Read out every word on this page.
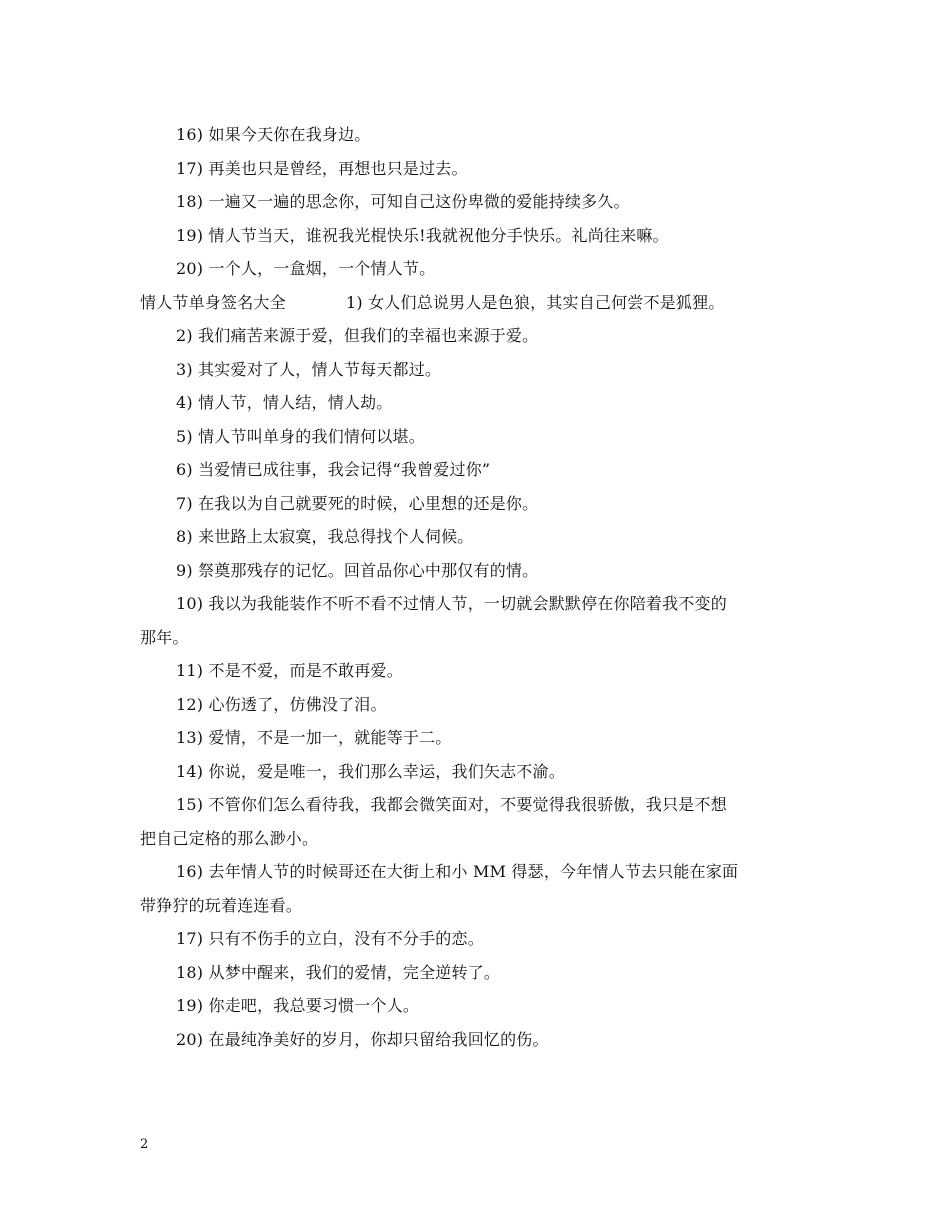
16) 如果今天你在我身边。
17) 再美也只是曾经，再想也只是过去。
18) 一遍又一遍的思念你，可知自己这份卑微的爱能持续多久。
19) 情人节当天，谁祝我光棍快乐!我就祝他分手快乐。礼尚往来嘛。
20) 一个人，一盒烟，一个情人节。
情人节单身签名大全	1) 女人们总说男人是色狼，其实自己何尝不是狐狸。
2) 我们痛苦来源于爱，但我们的幸福也来源于爱。
3) 其实爱对了人，情人节每天都过。
4) 情人节，情人结，情人劫。
5) 情人节叫单身的我们情何以堪。
6) 当爱情已成往事，我会记得“我曾爱过你”
7) 在我以为自己就要死的时候，心里想的还是你。
8) 来世路上太寂寞，我总得找个人伺候。
9) 祭奠那残存的记忆。回首品你心中那仅有的情。
10) 我以为我能装作不听不看不过情人节，一切就会默默停在你陪着我不变的
那年。
11) 不是不爱，而是不敢再爱。
12) 心伤透了，仿佛没了泪。
13) 爱情，不是一加一，就能等于二。
14) 你说，爱是唯一，我们那么幸运，我们矢志不渝。
15) 不管你们怎么看待我，我都会微笑面对，不要觉得我很骄傲，我只是不想
把自己定格的那么渺小。
16) 去年情人节的时候哥还在大街上和小 MM 得瑟，今年情人节去只能在家面
带狰狞的玩着连连看。
17) 只有不伤手的立白，没有不分手的恋。
18) 从梦中醒来，我们的爱情，完全逆转了。
19) 你走吧，我总要习惯一个人。
20) 在最纯净美好的岁月，你却只留给我回忆的伤。
2
